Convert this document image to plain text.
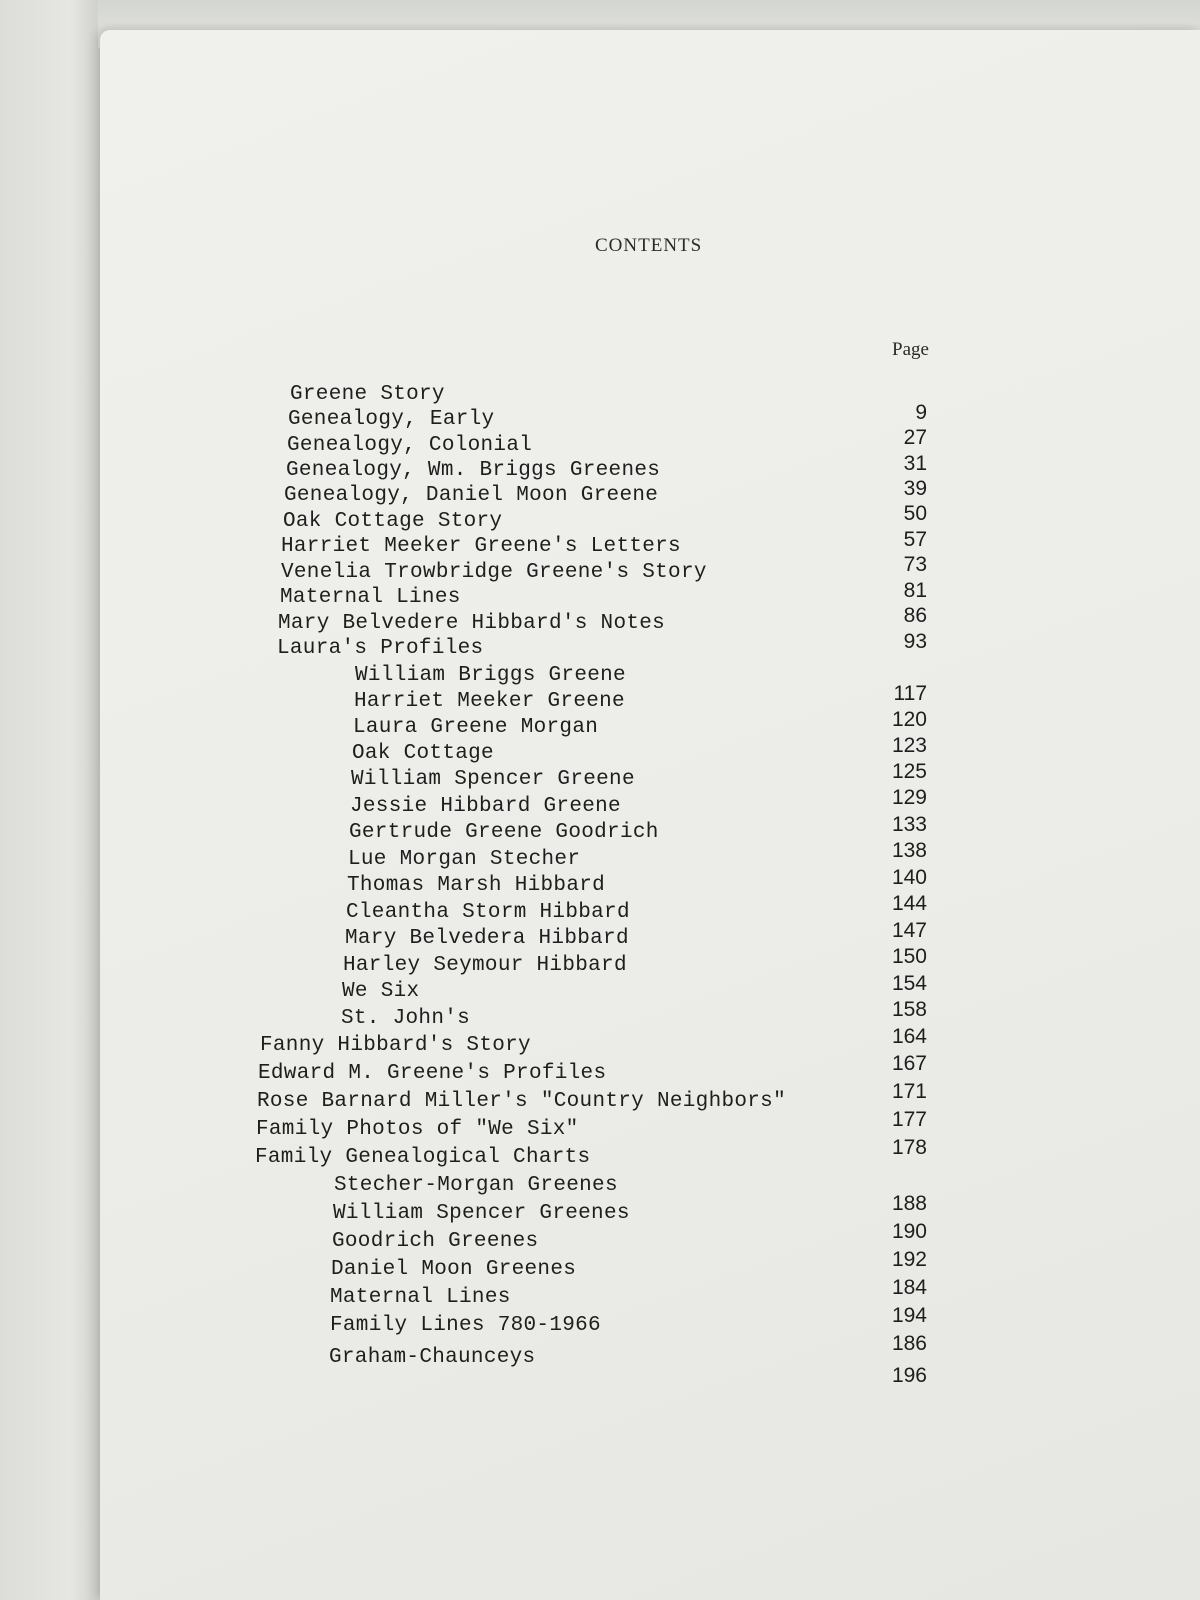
CONTENTS
Page
Greene Story
9
Genealogy, Early
27
Genealogy, Colonial
31
Genealogy, Wm. Briggs Greenes
39
Genealogy, Daniel Moon Greene
50
Oak Cottage Story
57
Harriet Meeker Greene's Letters
73
Venelia Trowbridge Greene's Story
81
Maternal Lines
86
Mary Belvedere Hibbard's Notes
93
Laura's Profiles
William Briggs Greene
117
Harriet Meeker Greene
120
Laura Greene Morgan
123
Oak Cottage
125
William Spencer Greene
129
Jessie Hibbard Greene
133
Gertrude Greene Goodrich
138
Lue Morgan Stecher
140
Thomas Marsh Hibbard
144
Cleantha Storm Hibbard
147
Mary Belvedera Hibbard
150
Harley Seymour Hibbard
154
We Six
158
St. John's
164
Fanny Hibbard's Story
167
Edward M. Greene's Profiles
171
Rose Barnard Miller's "Country Neighbors"
177
Family Photos of "We Six"
178
Family Genealogical Charts
Stecher-Morgan Greenes
188
William Spencer Greenes
190
Goodrich Greenes
192
Daniel Moon Greenes
184
Maternal Lines
194
Family Lines 780-1966
186
Graham-Chaunceys
196
